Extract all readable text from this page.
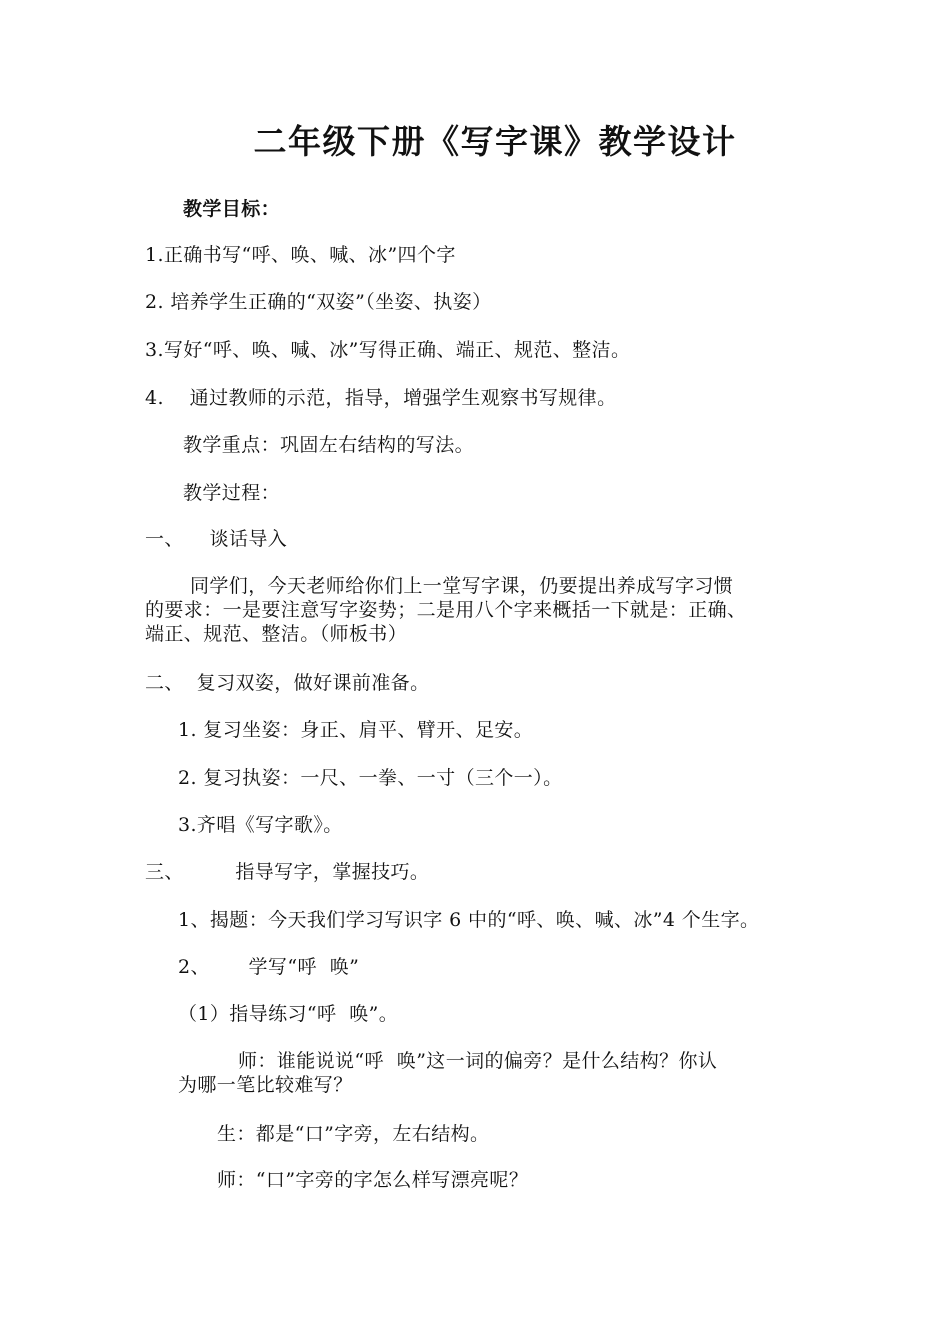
二年级下册《写字课》教学设计
教学目标：
1.正确书写“呼、唤、喊、冰”四个字
2. 培养学生正确的“双姿”（坐姿、执姿）
3.写好“呼、唤、喊、冰”写得正确、端正、规范、整洁。
4.    通过教师的示范，指导，增强学生观察书写规律。
教学重点：巩固左右结构的写法。
教学过程：
一、    谈话导入
同学们，今天老师给你们上一堂写字课，仍要提出养成写字习惯
的要求：一是要注意写字姿势；二是用八个字来概括一下就是：正确、
端正、规范、整洁。（师板书）
二、  复习双姿，做好课前准备。
1. 复习坐姿：身正、肩平、臂开、足安。
2. 复习执姿：一尺、一拳、一寸（三个一）。
3.齐唱《写字歌》。
三、        指导写字，掌握技巧。
1、揭题：今天我们学习写识字 6 中的“呼、唤、喊、冰”4 个生字。
2、      学写“呼  唤”
（1）指导练习“呼  唤”。
师：谁能说说“呼  唤”这一词的偏旁？是什么结构？你认
为哪一笔比较难写？
生：都是“口”字旁，左右结构。
师：“口”字旁的字怎么样写漂亮呢？
